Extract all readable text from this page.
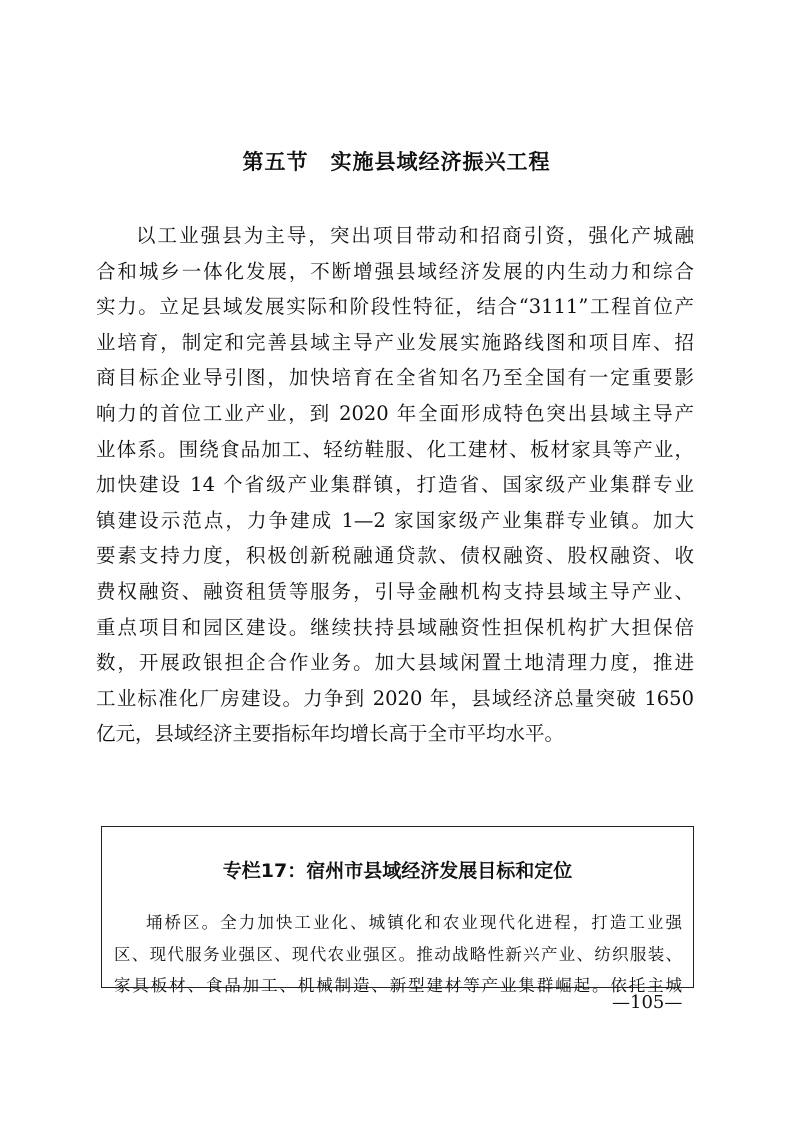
第五节 实施县域经济振兴工程
以工业强县为主导，突出项目带动和招商引资，强化产城融
合和城乡一体化发展，不断增强县域经济发展的内生动力和综合
实力。立足县域发展实际和阶段性特征，结合“3111”工程首位产
业培育，制定和完善县域主导产业发展实施路线图和项目库、招
商目标企业导引图，加快培育在全省知名乃至全国有一定重要影
响力的首位工业产业，到 2020 年全面形成特色突出县域主导产
业体系。围绕食品加工、轻纺鞋服、化工建材、板材家具等产业，
加快建设 14 个省级产业集群镇，打造省、国家级产业集群专业
镇建设示范点，力争建成 1—2 家国家级产业集群专业镇。加大
要素支持力度，积极创新税融通贷款、债权融资、股权融资、收
费权融资、融资租赁等服务，引导金融机构支持县域主导产业、
重点项目和园区建设。继续扶持县域融资性担保机构扩大担保倍
数，开展政银担企合作业务。加大县域闲置土地清理力度，推进
工业标准化厂房建设。力争到 2020 年，县域经济总量突破 1650
亿元，县域经济主要指标年均增长高于全市平均水平。
专栏17：宿州市县域经济发展目标和定位
埇桥区。全力加快工业化、城镇化和农业现代化进程，打造工业强
区、现代服务业强区、现代农业强区。推动战略性新兴产业、纺织服装、
家具板材、食品加工、机械制造、新型建材等产业集群崛起。依托主城
—105—
